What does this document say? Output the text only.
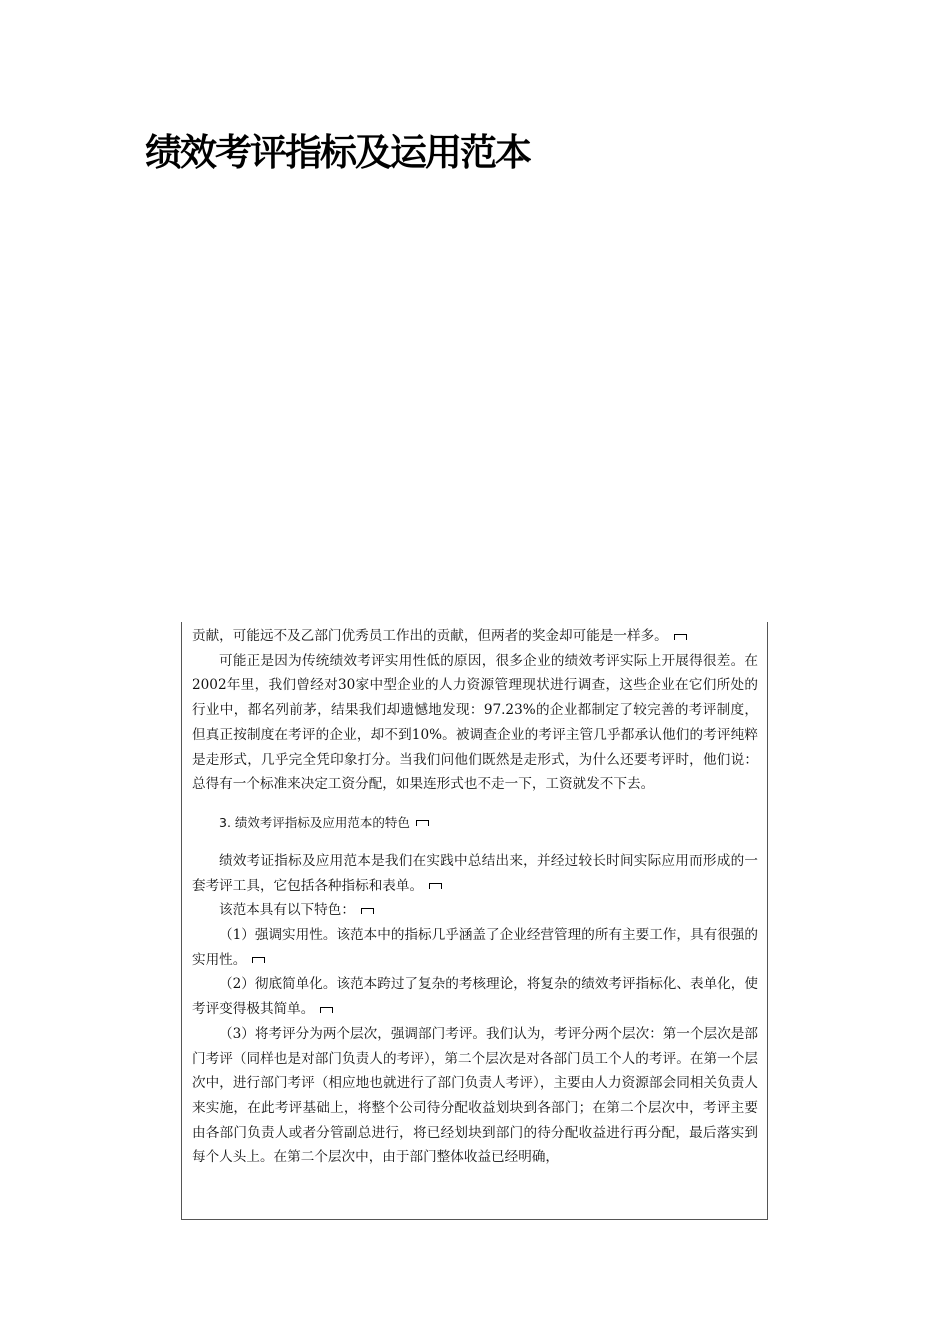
绩效考评指标及运用范本

贡献，可能远不及乙部门优秀员工作出的贡献，但两者的奖金却可能是一样多。

可能正是因为传统绩效考评实用性低的原因，很多企业的绩效考评实际上开展得很差。在2002年里，我们曾经对30家中型企业的人力资源管理现状进行调查，这些企业在它们所处的行业中，都名列前茅，结果我们却遗憾地发现：97.23%的企业都制定了较完善的考评制度，但真正按制度在考评的企业，却不到10%。被调查企业的考评主管几乎都承认他们的考评纯粹是走形式，几乎完全凭印象打分。当我们问他们既然是走形式，为什么还要考评时，他们说：总得有一个标准来决定工资分配，如果连形式也不走一下，工资就发不下去。

3. 绩效考评指标及应用范本的特色

绩效考证指标及应用范本是我们在实践中总结出来，并经过较长时间实际应用而形成的一套考评工具，它包括各种指标和表单。

该范本具有以下特色：

（1）强调实用性。该范本中的指标几乎涵盖了企业经营管理的所有主要工作，具有很强的实用性。

（2）彻底简单化。该范本跨过了复杂的考核理论，将复杂的绩效考评指标化、表单化，使考评变得极其简单。

（3）将考评分为两个层次，强调部门考评。我们认为，考评分两个层次：第一个层次是部门考评（同样也是对部门负责人的考评），第二个层次是对各部门员工个人的考评。在第一个层次中，进行部门考评（相应地也就进行了部门负责人考评），主要由人力资源部会同相关负责人来实施，在此考评基础上，将整个公司待分配收益划块到各部门；在第二个层次中，考评主要由各部门负责人或者分管副总进行，将已经划块到部门的待分配收益进行再分配，最后落实到每个人头上。在第二个层次中，由于部门整体收益已经明确，
